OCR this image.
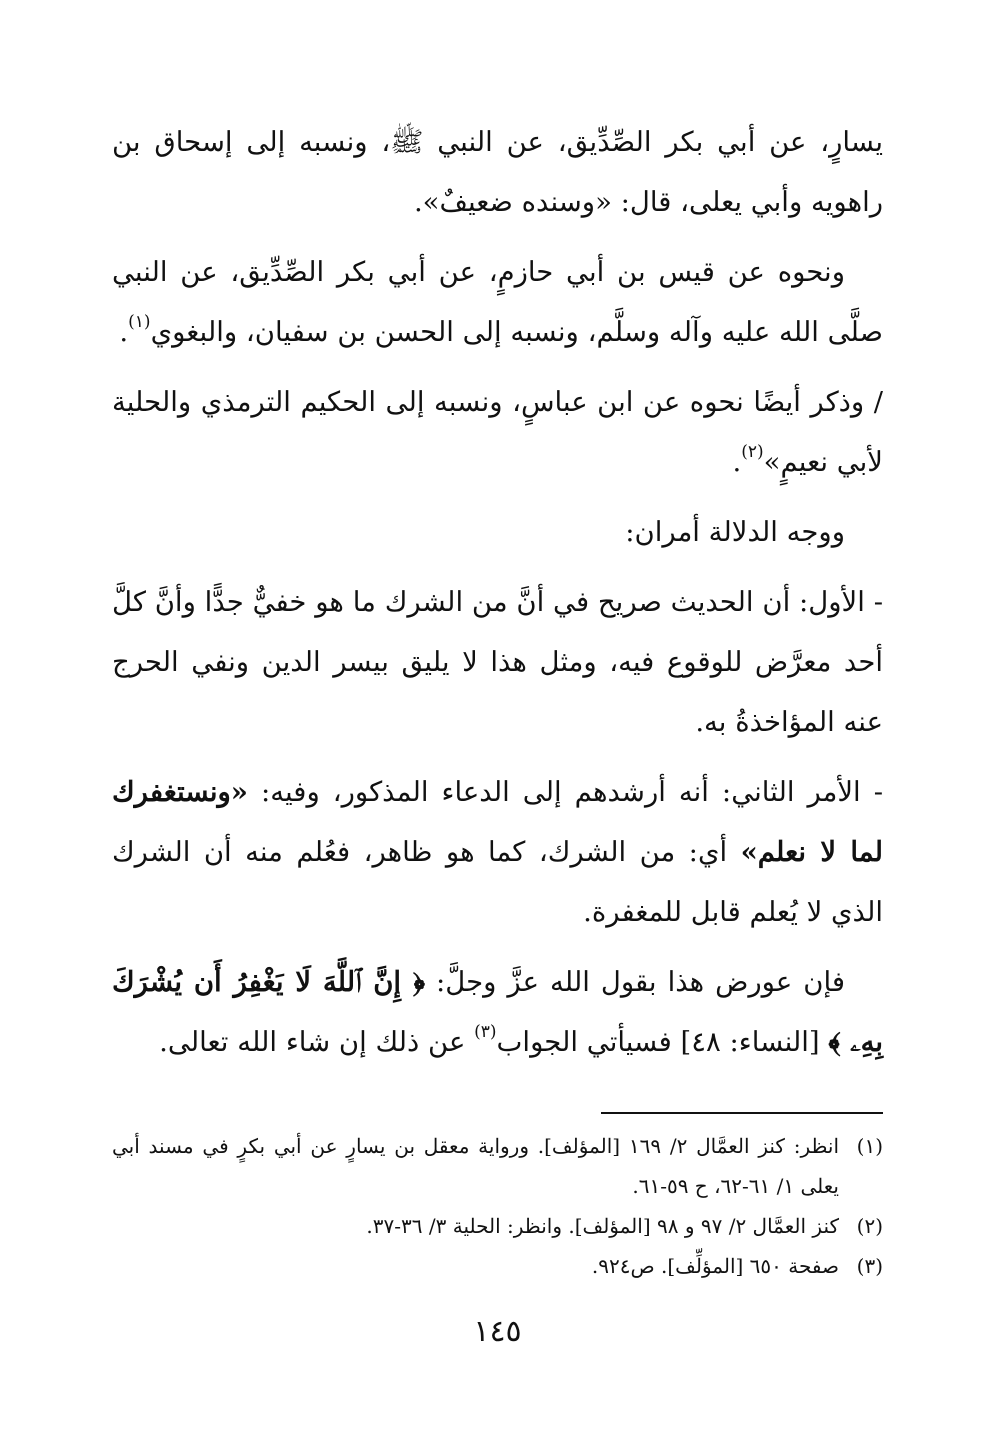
يسارٍ، عن أبي بكر الصِّدِّيق، عن النبي ﷺ، ونسبه إلى إسحاق بن راهويه وأبي يعلى، قال: «وسنده ضعيفٌ».

ونحوه عن قيس بن أبي حازمٍ، عن أبي بكر الصِّدِّيق، عن النبي صلَّى الله عليه وآله وسلَّم، ونسبه إلى الحسن بن سفيان، والبغوي$^{(١)}$.

/ وذكر أيضًا نحوه عن ابن عباسٍ، ونسبه إلى الحكيم الترمذي والحلية لأبي نعيمٍ»$^{(٢)}$.

ووجه الدلالة أمران:

- الأول: أن الحديث صريح في أنَّ من الشرك ما هو خفيٌّ جدًّا وأنَّ كلَّ أحد معرَّض للوقوع فيه، ومثل هذا لا يليق بيسر الدين ونفي الحرج عنه المؤاخذةُ به.

- الأمر الثاني: أنه أرشدهم إلى الدعاء المذكور، وفيه: «ونستغفرك لما لا نعلم» أي: من الشرك، كما هو ظاهر، فعُلم منه أن الشرك الذي لا يُعلم قابل للمغفرة.

فإن عورض هذا بقول الله عزَّ وجلَّ: ﴿ إِنَّ ٱللَّهَ لَا يَغْفِرُ أَن يُشْرَكَ بِهِۦ ﴾ [النساء: ٤٨] فسيأتي الجواب$^{(٣)}$ عن ذلك إن شاء الله تعالى.

(١)
انظر: كنز العمَّال ٢/ ١٦٩ [المؤلف]. ورواية معقل بن يسارٍ عن أبي بكرٍ في مسند أبي يعلى ١/ ٦١-٦٢، ح ٥٩-٦١.
(٢)
كنز العمَّال ٢/ ٩٧ و ٩٨ [المؤلف]. وانظر: الحلية ٣/ ٣٦-٣٧.
(٣)
صفحة ٦٥٠ [المؤلِّف]. ص٩٢٤.
١٤٥
